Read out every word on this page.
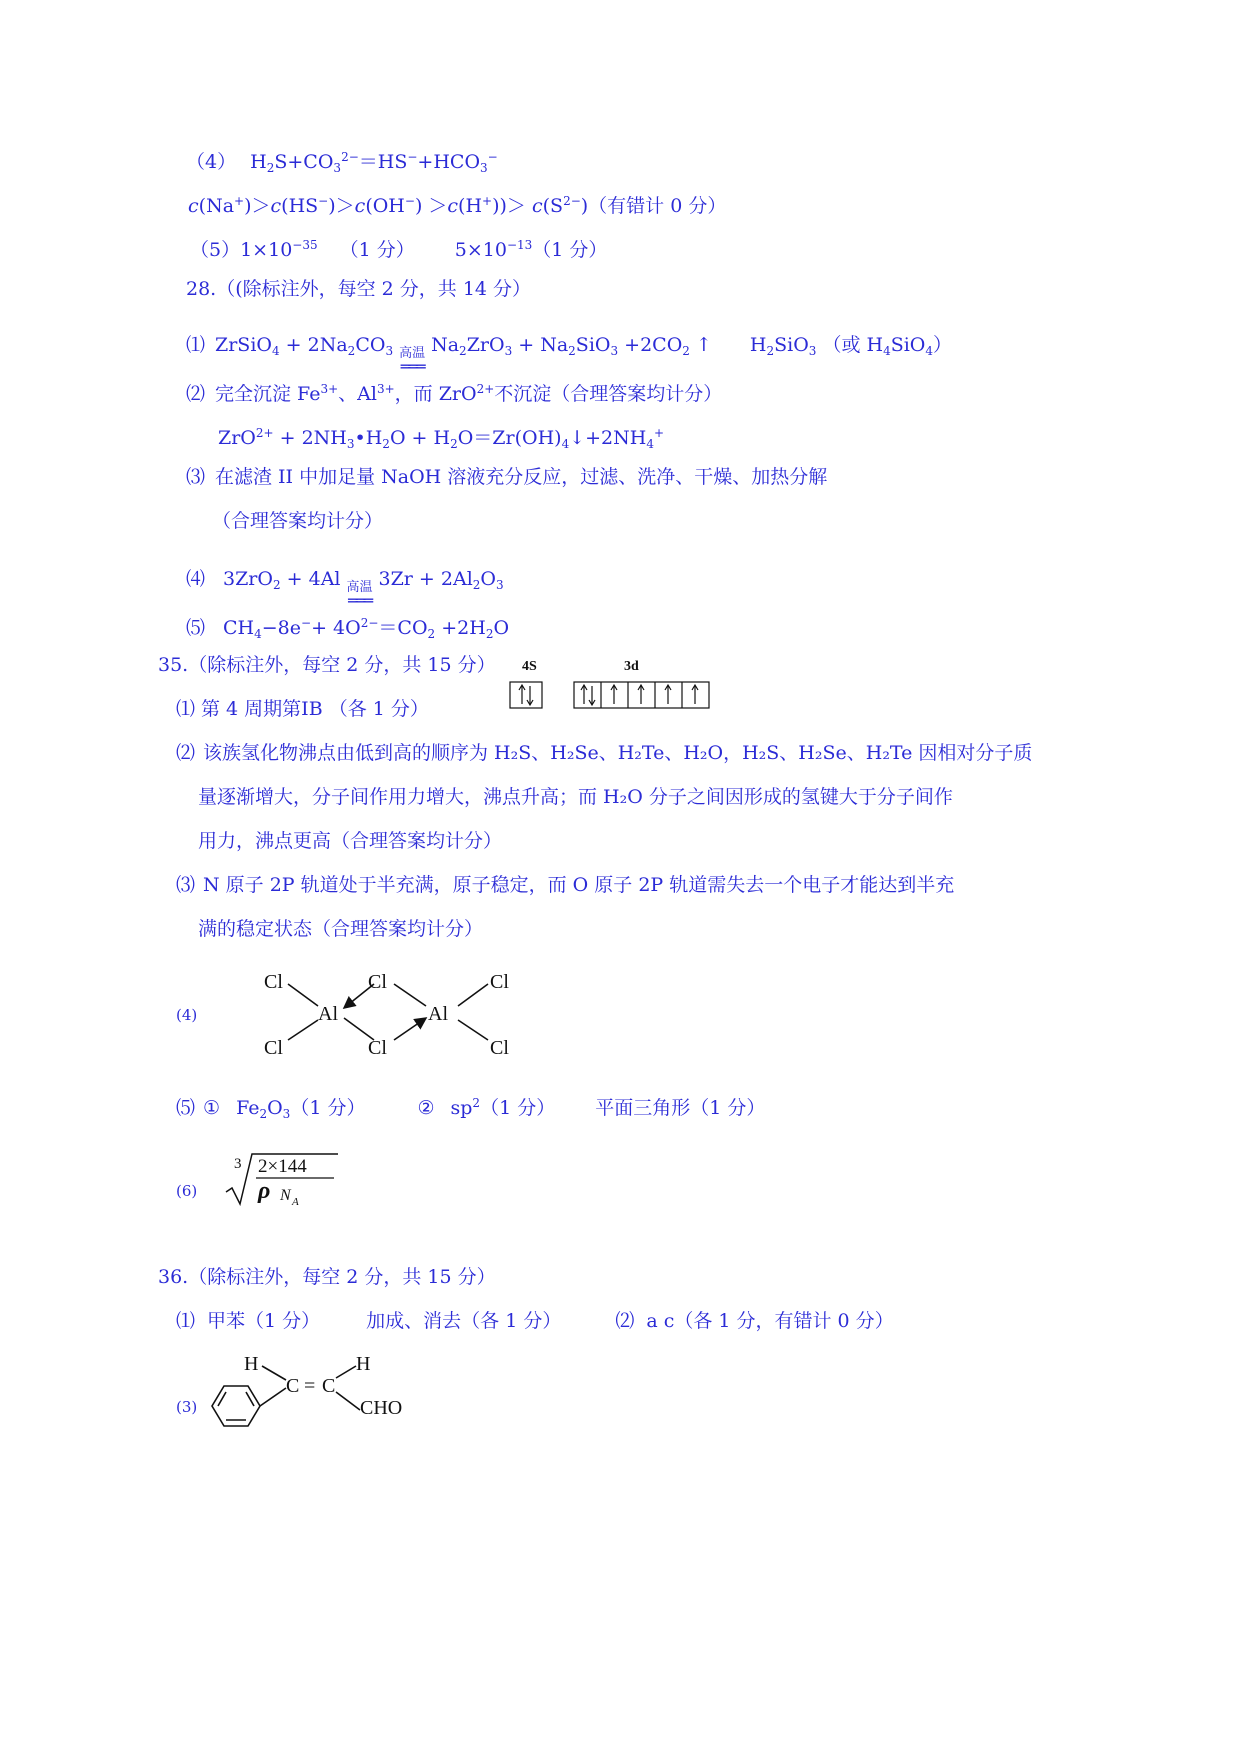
（4） $H_2S+CO_3^{2-}=HS^-+HCO_3^-$
$c(Na^+)>c(HS^-)>c(OH^-) >c(H^+))> c(S^{2-})$（有错计 0 分）
$(5)1\times 10^{-35}$ （1 分） $5\times 10^{-13}(1$ 分）
28.（(除标注外，每空 2 分，共 14 分）
⑴ ZrSiO$_4$ + $2Na_2CO_3$ 高温
═══
$Na_2ZrO_3 + Na_2SiO_3 +2CO_2$ ↑ $H_2SiO_3$ （或 $H_4SiO_4$）
⑵ 完全沉淀 $Fe^{3+}$、$Al^{3+}$，而 ZrO$^{2+}$不沉淀（合理答案均计分）
$ZrO^{2+} + 2NH_3•H_2O$ + $H_2O=Zr(OH)_4↓+2NH_4^+$
⑶ 在滤渣 II 中加足量 NaOH 溶液充分反应，过滤、洗净、干燥、加热分解
（合理答案均计分）
⑷ 3ZrO$_2$ + 4Al 高温
═══
$3Zr + 2Al_2O_3$
⑸ $CH_4-8e^-+ 4O^{2-}=CO_2 +2H_2O$
35.（除标注外，每空 2 分，共 15 分） 4S	3d
⑴ 第 4 周期第ⅠB （各 1 分）
⑵ 该族氢化物沸点由低到高的顺序为 H₂S、H₂Se、H₂Te、H₂O，H₂S、H₂Se、H₂Te 因相对分子质
量逐渐增大，分子间作用力增大，沸点升高；而 H₂O 分子之间因形成的氢键大于分子间作
用力，沸点更高（合理答案均计分）
⑶ N 原子 2P 轨道处于半充满，原子稳定，而 O 原子 2P 轨道需失去一个电子才能达到半充
满的稳定状态（合理答案均计分）
(4)
Cl	Cl	Cl
Cl	Cl	Cl
Al	Al
⑸ ① $Fe_2O_3(1$ 分）	② $sp^2(1$ 分） 平面三角形（1 分）
(6)
3 2×144
ρ N A
36.（除标注外，每空 2 分，共 15 分）
⑴ 甲苯（1 分） 加成、消去（各 1 分）	⑵ a c（各 1 分，有错计 0 分）
(3)
H
C = C
H
CHO
